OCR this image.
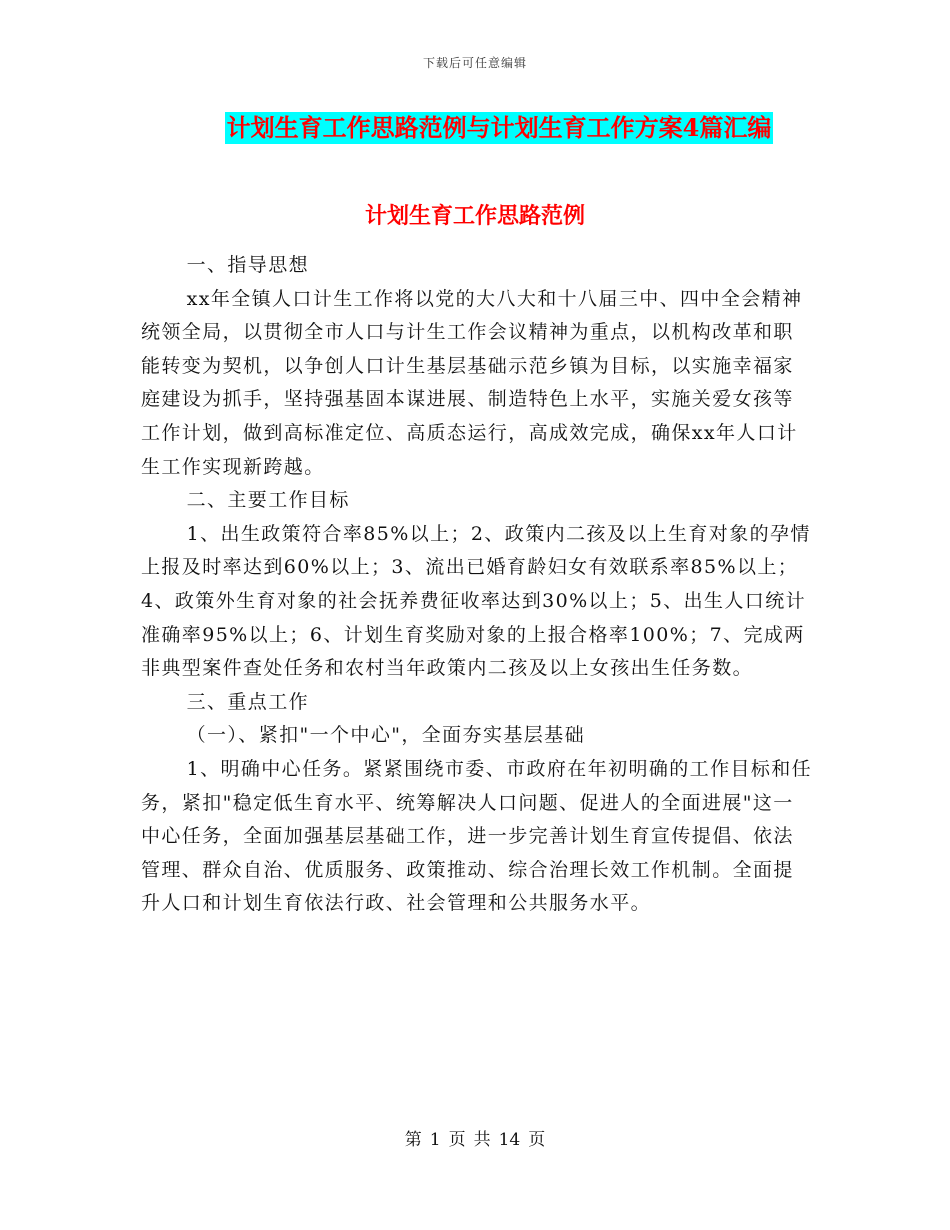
下载后可任意编辑
计划生育工作思路范例与计划生育工作方案4篇汇编
计划生育工作思路范例

一、指导思想

xx年全镇人口计生工作将以党的大八大和十八届三中、四中全会精神统领全局，以贯彻全市人口与计生工作会议精神为重点，以机构改革和职能转变为契机，以争创人口计生基层基础示范乡镇为目标，以实施幸福家庭建设为抓手，坚持强基固本谋进展、制造特色上水平，实施关爱女孩等工作计划，做到高标准定位、高质态运行，高成效完成，确保xx年人口计生工作实现新跨越。

二、主要工作目标

1、出生政策符合率85%以上；2、政策内二孩及以上生育对象的孕情上报及时率达到60%以上；3、流出已婚育龄妇女有效联系率85%以上；4、政策外生育对象的社会抚养费征收率达到30%以上；5、出生人口统计准确率95%以上；6、计划生育奖励对象的上报合格率100%；7、完成两非典型案件查处任务和农村当年政策内二孩及以上女孩出生任务数。

三、重点工作

（一）、紧扣"一个中心"，全面夯实基层基础

1、明确中心任务。紧紧围绕市委、市政府在年初明确的工作目标和任务，紧扣"稳定低生育水平、统筹解决人口问题、促进人的全面进展"这一中心任务，全面加强基层基础工作，进一步完善计划生育宣传提倡、依法管理、群众自治、优质服务、政策推动、综合治理长效工作机制。全面提升人口和计划生育依法行政、社会管理和公共服务水平。

第 1 页 共 14 页
